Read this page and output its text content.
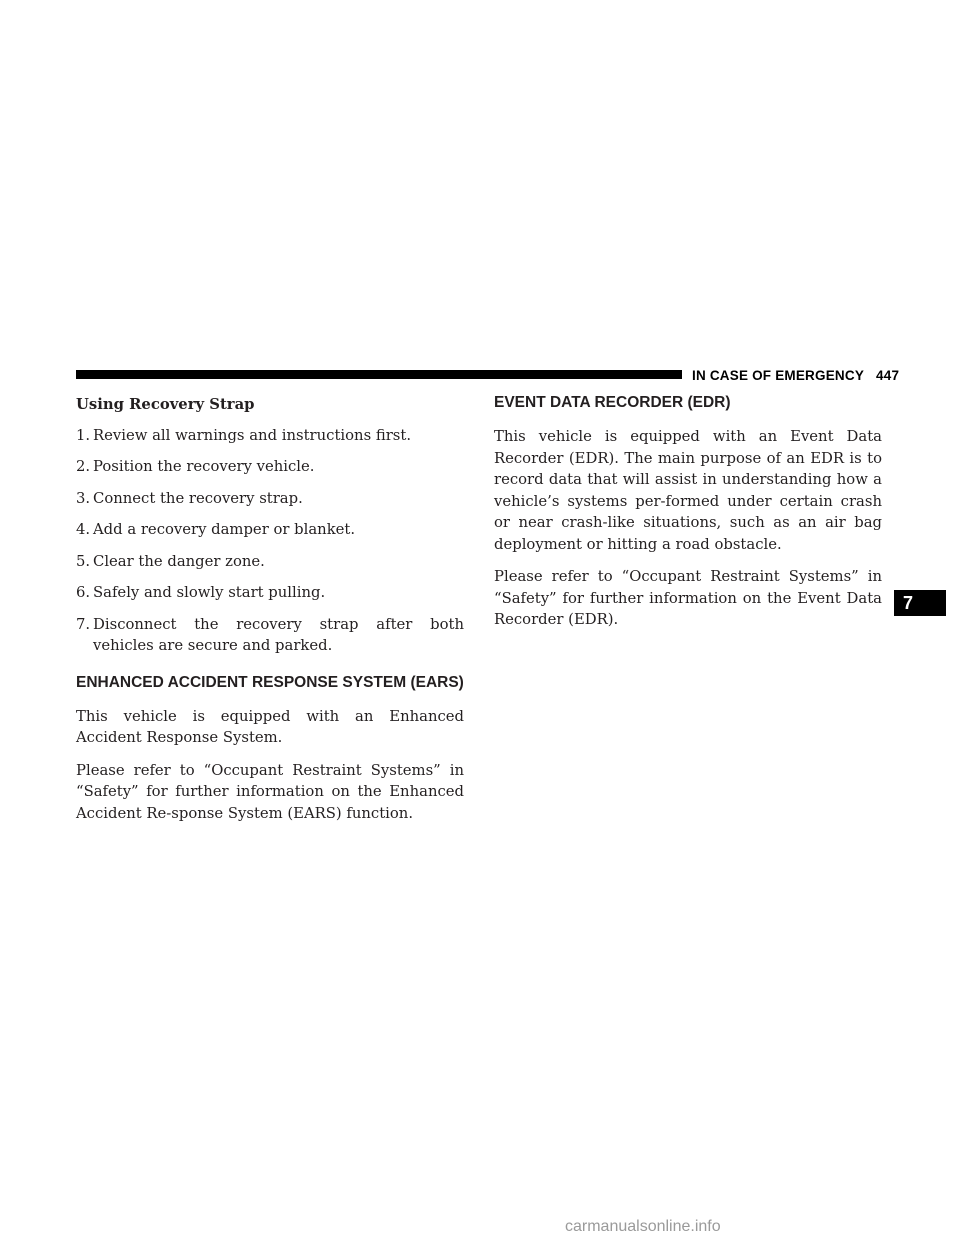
IN CASE OF EMERGENCY 447
Using Recovery Strap
1. Review all warnings and instructions first.
2. Position the recovery vehicle.
3. Connect the recovery strap.
4. Add a recovery damper or blanket.
5. Clear the danger zone.
6. Safely and slowly start pulling.
7. Disconnect the recovery strap after both vehicles are secure and parked.
ENHANCED ACCIDENT RESPONSE SYSTEM (EARS)

This vehicle is equipped with an Enhanced Accident Response System.

Please refer to “Occupant Restraint Systems” in “Safety” for further information on the Enhanced Accident Re-sponse System (EARS) function.

EVENT DATA RECORDER (EDR)

This vehicle is equipped with an Event Data Recorder (EDR). The main purpose of an EDR is to record data that will assist in understanding how a vehicle’s systems per-formed under certain crash or near crash-like situations, such as an air bag deployment or hitting a road obstacle.

Please refer to “Occupant Restraint Systems” in “Safety” for further information on the Event Data Recorder (EDR).

7
carmanualsonline.info
